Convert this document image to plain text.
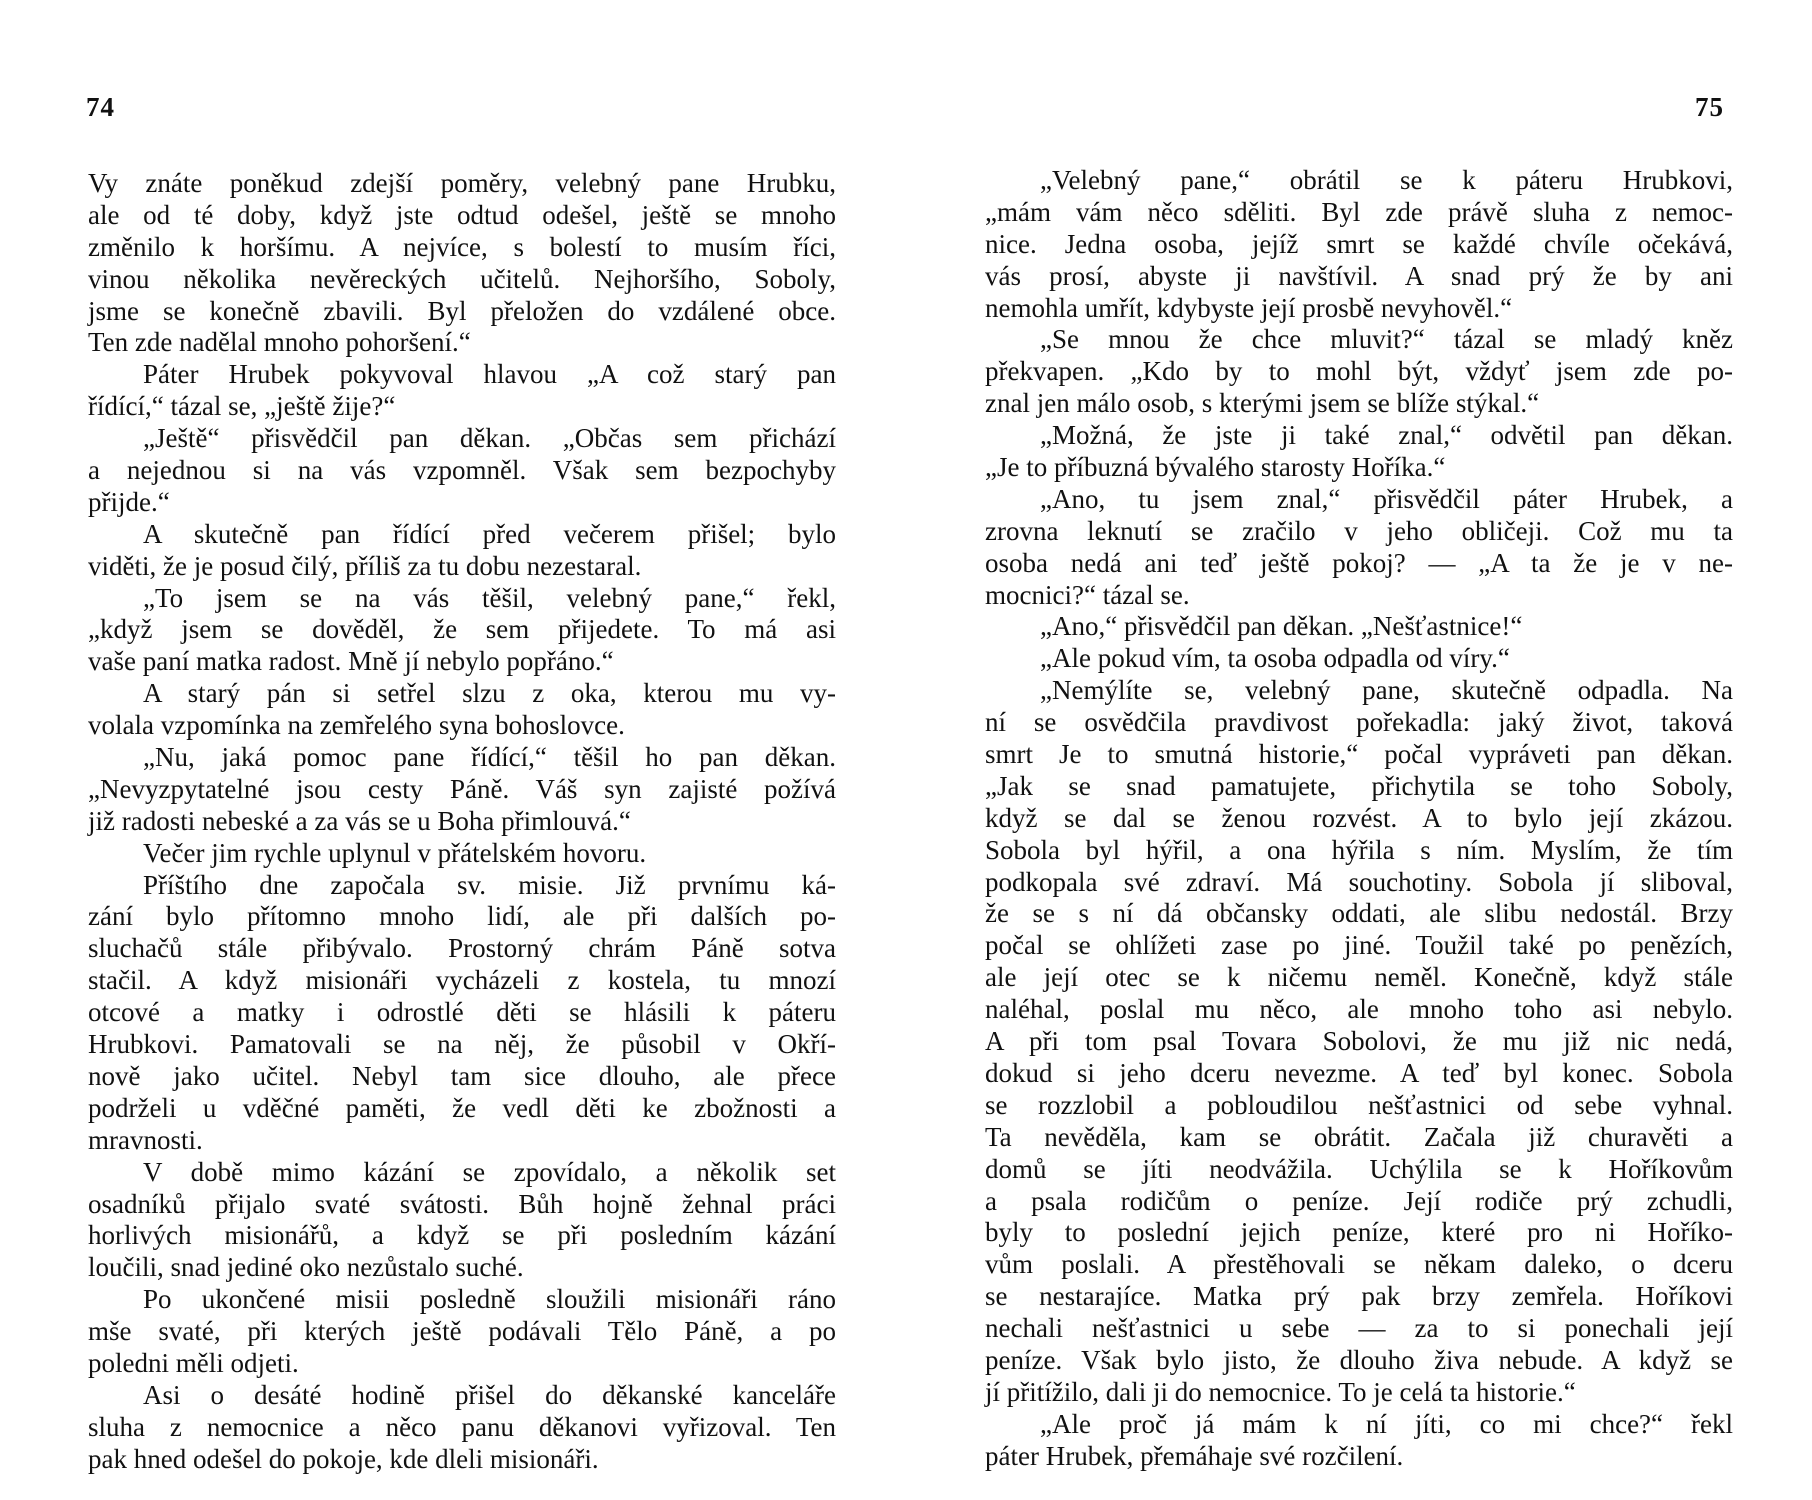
74
Vy znáte poněkud zdejší poměry, velebný pane Hrubku,
ale od té doby, když jste odtud odešel, ještě se mnoho
změnilo k horšímu. A nejvíce, s bolestí to musím říci,
vinou několika nevěreckých učitelů. Nejhoršího, Soboly,
jsme se konečně zbavili. Byl přeložen do vzdálené obce.
Ten zde nadělal mnoho pohoršení.“
Páter Hrubek pokyvoval hlavou „A což starý pan
řídící,“ tázal se, „ještě žije?“
„Ještě“ přisvědčil pan děkan. „Občas sem přichází
a nejednou si na vás vzpomněl. Však sem bezpochyby
přijde.“
A skutečně pan řídící před večerem přišel; bylo
viděti, že je posud čilý, příliš za tu dobu nezestaral.
„To jsem se na vás těšil, velebný pane,“ řekl,
„když jsem se dověděl, že sem přijedete. To má asi
vaše paní matka radost. Mně jí nebylo popřáno.“
A starý pán si setřel slzu z oka, kterou mu vy-
volala vzpomínka na zemřelého syna bohoslovce.
„Nu, jaká pomoc pane řídící,“ těšil ho pan děkan.
„Nevyzpytatelné jsou cesty Páně. Váš syn zajisté požívá
již radosti nebeské a za vás se u Boha přimlouvá.“
Večer jim rychle uplynul v přátelském hovoru.
Příštího dne započala sv. misie. Již prvnímu ká-
zání bylo přítomno mnoho lidí, ale při dalších po-
sluchačů stále přibývalo. Prostorný chrám Páně sotva
stačil. A když misionáři vycházeli z kostela, tu mnozí
otcové a matky i odrostlé děti se hlásili k páteru
Hrubkovi. Pamatovali se na něj, že působil v Okří-
nově jako učitel. Nebyl tam sice dlouho, ale přece
podrželi u vděčné paměti, že vedl děti ke zbožnosti a
mravnosti.
V době mimo kázání se zpovídalo, a několik set
osadníků přijalo svaté svátosti. Bůh hojně žehnal práci
horlivých misionářů, a když se při posledním kázání
loučili, snad jediné oko nezůstalo suché.
Po ukončené misii posledně sloužili misionáři ráno
mše svaté, při kterých ještě podávali Tělo Páně, a po
poledni měli odjeti.
Asi o desáté hodině přišel do děkanské kanceláře
sluha z nemocnice a něco panu děkanovi vyřizoval. Ten
pak hned odešel do pokoje, kde dleli misionáři.
75
„Velebný pane,“ obrátil se k páteru Hrubkovi,
„mám vám něco sděliti. Byl zde právě sluha z nemoc-
nice. Jedna osoba, jejíž smrt se každé chvíle očekává,
vás prosí, abyste ji navštívil. A snad prý že by ani
nemohla umřít, kdybyste její prosbě nevyhověl.“
„Se mnou že chce mluvit?“ tázal se mladý kněz
překvapen. „Kdo by to mohl být, vždyť jsem zde po-
znal jen málo osob, s kterými jsem se blíže stýkal.“
„Možná, že jste ji také znal,“ odvětil pan děkan.
„Je to příbuzná bývalého starosty Hoříka.“
„Ano, tu jsem znal,“ přisvědčil páter Hrubek, a
zrovna leknutí se zračilo v jeho obličeji. Což mu ta
osoba nedá ani teď ještě pokoj? — „A ta že je v ne-
mocnici?“ tázal se.
„Ano,“ přisvědčil pan děkan. „Nešťastnice!“
„Ale pokud vím, ta osoba odpadla od víry.“
„Nemýlíte se, velebný pane, skutečně odpadla. Na
ní se osvědčila pravdivost pořekadla: jaký život, taková
smrt Je to smutná historie,“ počal vypráveti pan děkan.
„Jak se snad pamatujete, přichytila se toho Soboly,
když se dal se ženou rozvést. A to bylo její zkázou.
Sobola byl hýřil, a ona hýřila s ním. Myslím, že tím
podkopala své zdraví. Má souchotiny. Sobola jí sliboval,
že se s ní dá občansky oddati, ale slibu nedostál. Brzy
počal se ohlížeti zase po jiné. Toužil také po penězích,
ale její otec se k ničemu neměl. Konečně, když stále
naléhal, poslal mu něco, ale mnoho toho asi nebylo.
A při tom psal Tovara Sobolovi, že mu již nic nedá,
dokud si jeho dceru nevezme. A teď byl konec. Sobola
se rozzlobil a pobloudilou nešťastnici od sebe vyhnal.
Ta nevěděla, kam se obrátit. Začala již churavěti a
domů se jíti neodvážila. Uchýlila se k Hoříkovům
a psala rodičům o peníze. Její rodiče prý zchudli,
byly to poslední jejich peníze, které pro ni Hoříko-
vům poslali. A přestěhovali se někam daleko, o dceru
se nestarajíce. Matka prý pak brzy zemřela. Hoříkovi
nechali nešťastnici u sebe — za to si ponechali její
peníze. Však bylo jisto, že dlouho živa nebude. A když se
jí přitížilo, dali ji do nemocnice. To je celá ta historie.“
„Ale proč já mám k ní jíti, co mi chce?“ řekl
páter Hrubek, přemáhaje své rozčilení.
